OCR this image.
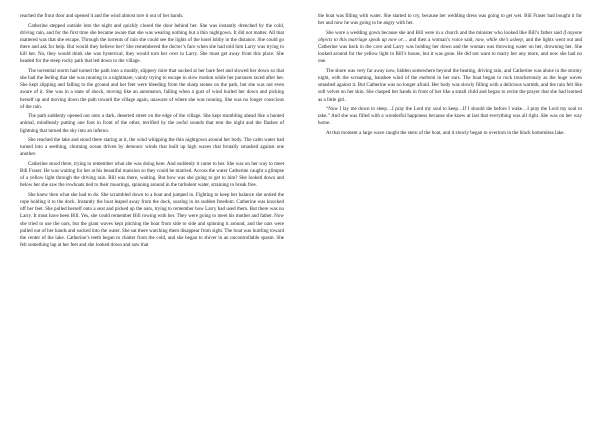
reached the front door and opened it and the wind almost tore it out of her hands.

Catherine stepped outside into the night and quickly closed the door behind her. She was instantly drenched by the cold, driving rain, and for the first time she became aware that she was wearing nothing but a thin nightgown. It did not matter. All that mattered was that she escape. Through the torrents of rain she could see the lights of the hotel lobby in the distance. She could go there and ask for help. But would they believe her? She remembered the doctor’s face when she had told him Larry was trying to kill her. No, they would think she was hysterical, they would turn her over to Larry. She must get away from this place. She headed for the steep rocky path that led down to the village.

The torrential storm had turned the path into a muddy, slippery mire that sucked at her bare feet and slowed her down so that she had the feeling that she was running in a nightmare, vainly trying to escape in slow motion while her pursuers raced after her. She kept slipping and falling to the ground and her feet were bleeding from the sharp stones on the path, but she was not even aware of it. She was in a state of shock, moving like an automaton, falling when a gust of wind hurled her down and picking herself up and moving down the path toward the village again, unaware of where she was running. She was no longer conscious of the rain.

The path suddenly opened out onto a dark, deserted street on the edge of the village. She kept stumbling ahead like a hunted animal, mindlessly putting one foot in front of the other, terrified by the awful sounds that rent the night and the flashes of lightning that turned the sky into an inferno.

She reached the lake and stood there staring at it, the wind whipping the thin nightgown around her body. The calm water had turned into a seething, churning ocean driven by demonic winds that built up high waves that brutally smashed against one another.

Catherine stood there, trying to remember what she was doing here. And suddenly it came to her. She was on her way to meet Bill Fraser. He was waiting for her at his beautiful mansion so they could be married. Across the water Catherine caught a glimpse of a yellow light through the driving rain. Bill was there, waiting. But how was she going to get to him? She looked down and below her she saw the rowboats tied to their moorings, spinning around in the turbulent water, straining to break free.

She knew then what she had to do. She scrambled down to a boat and jumped in. Fighting to keep her balance she untied the rope holding it to the dock. Instantly the boat leaped away from the dock, soaring in its sudden freedom. Catherine was knocked off her feet. She pulled herself onto a seat and picked up the oars, trying to remember how Larry had used them. But there was no Larry. It must have been Bill. Yes, she could remember Bill rowing with her. They were going to meet his mother and father. Now she tried to use the oars, but the giant waves kept pitching the boat from side to side and spinning it around, and the oars were pulled out of her hands and sucked into the water. She sat there watching them disappear from sight. The boat was hurtling toward the center of the lake. Catherine’s teeth began to chatter from the cold, and she began to shiver in an uncontrollable spasm. She felt something lap at her feet and she looked down and saw that

the boat was filling with water. She started to cry, because her wedding dress was going to get wet. Bill Fraser had bought it for her and now he was going to be angry with her.

She wore a wedding gown because she and Bill were in a church and the minister who looked like Bill’s father said if anyone objects to this marriage speak up now or… and then a woman’s voice said, now, while she’s asleep, and the lights went out and Catherine was back in the cave and Larry was holding her down and the woman was throwing water on her, drowning her. She looked around for the yellow light in Bill’s house, but it was gone. He did not want to marry her any more, and now she had no one.

The shore was very far away now, hidden somewhere beyond the beating, driving rain, and Catherine was alone in the stormy night, with the screaming, banshee wind of the meltemi in her ears. The boat began to rock treacherously as the huge waves smashed against it. But Catherine was no longer afraid. Her body was slowly filling with a delicious warmth, and the rain felt like soft velvet on her skin. She clasped her hands in front of her like a small child and began to recite the prayer that she had learned as a little girl.

“Now I lay me down to sleep…I pray the Lord my soul to keep…If I should die before I wake…I pray the Lord my soul to take.” And she was filled with a wonderful happiness because she knew at last that everything was all right. She was on her way home.

At that moment a large wave caught the stern of the boat, and it slowly began to overturn in the black bottomless lake.
